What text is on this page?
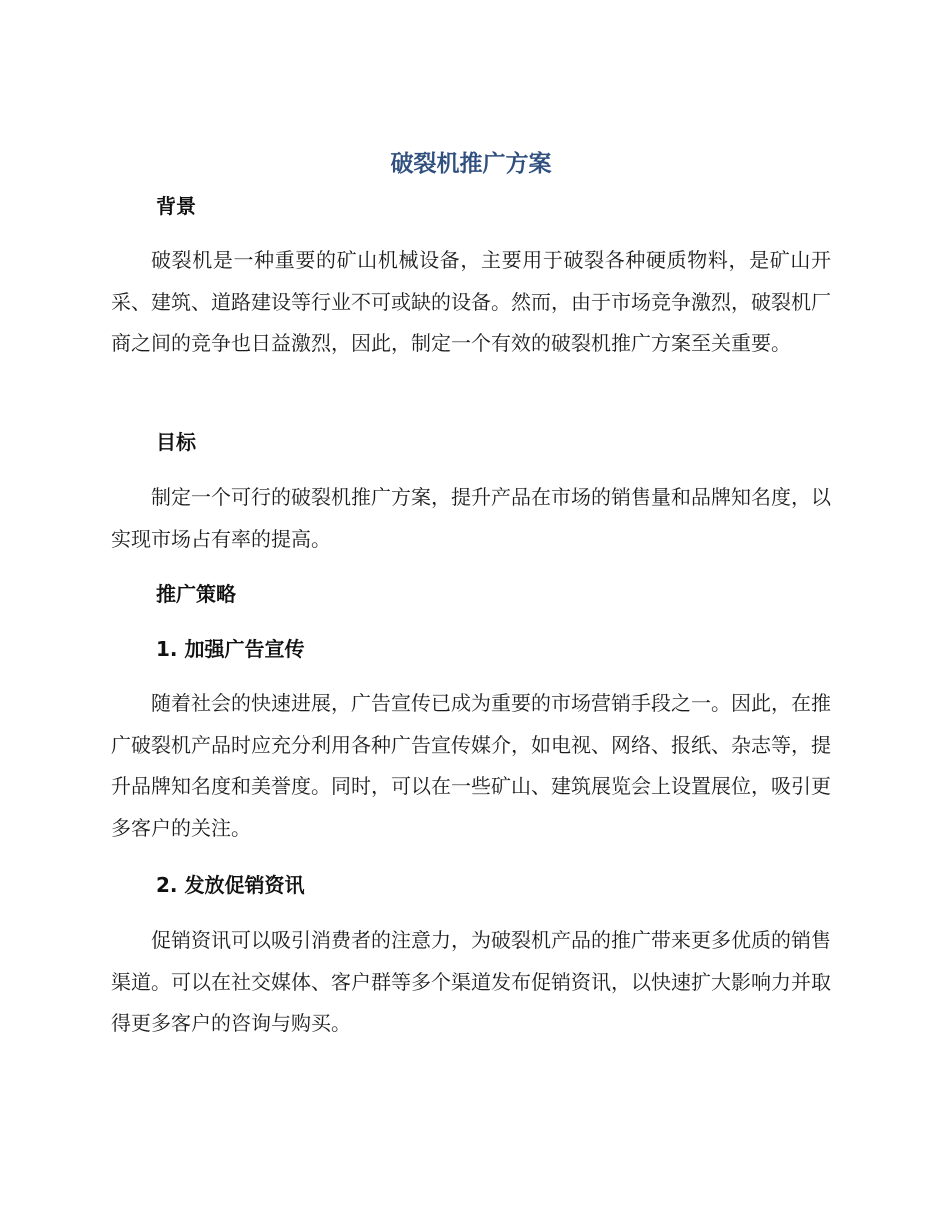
破裂机推广方案
背景

破裂机是一种重要的矿山机械设备，主要用于破裂各种硬质物料，是矿山开采、建筑、道路建设等行业不可或缺的设备。然而，由于市场竞争激烈，破裂机厂商之间的竞争也日益激烈，因此，制定一个有效的破裂机推广方案至关重要。

目标

制定一个可行的破裂机推广方案，提升产品在市场的销售量和品牌知名度，以实现市场占有率的提高。

推广策略
1. 加强广告宣传

随着社会的快速进展，广告宣传已成为重要的市场营销手段之一。因此，在推广破裂机产品时应充分利用各种广告宣传媒介，如电视、网络、报纸、杂志等，提升品牌知名度和美誉度。同时，可以在一些矿山、建筑展览会上设置展位，吸引更多客户的关注。

2. 发放促销资讯

促销资讯可以吸引消费者的注意力，为破裂机产品的推广带来更多优质的销售渠道。可以在社交媒体、客户群等多个渠道发布促销资讯，以快速扩大影响力并取得更多客户的咨询与购买。
